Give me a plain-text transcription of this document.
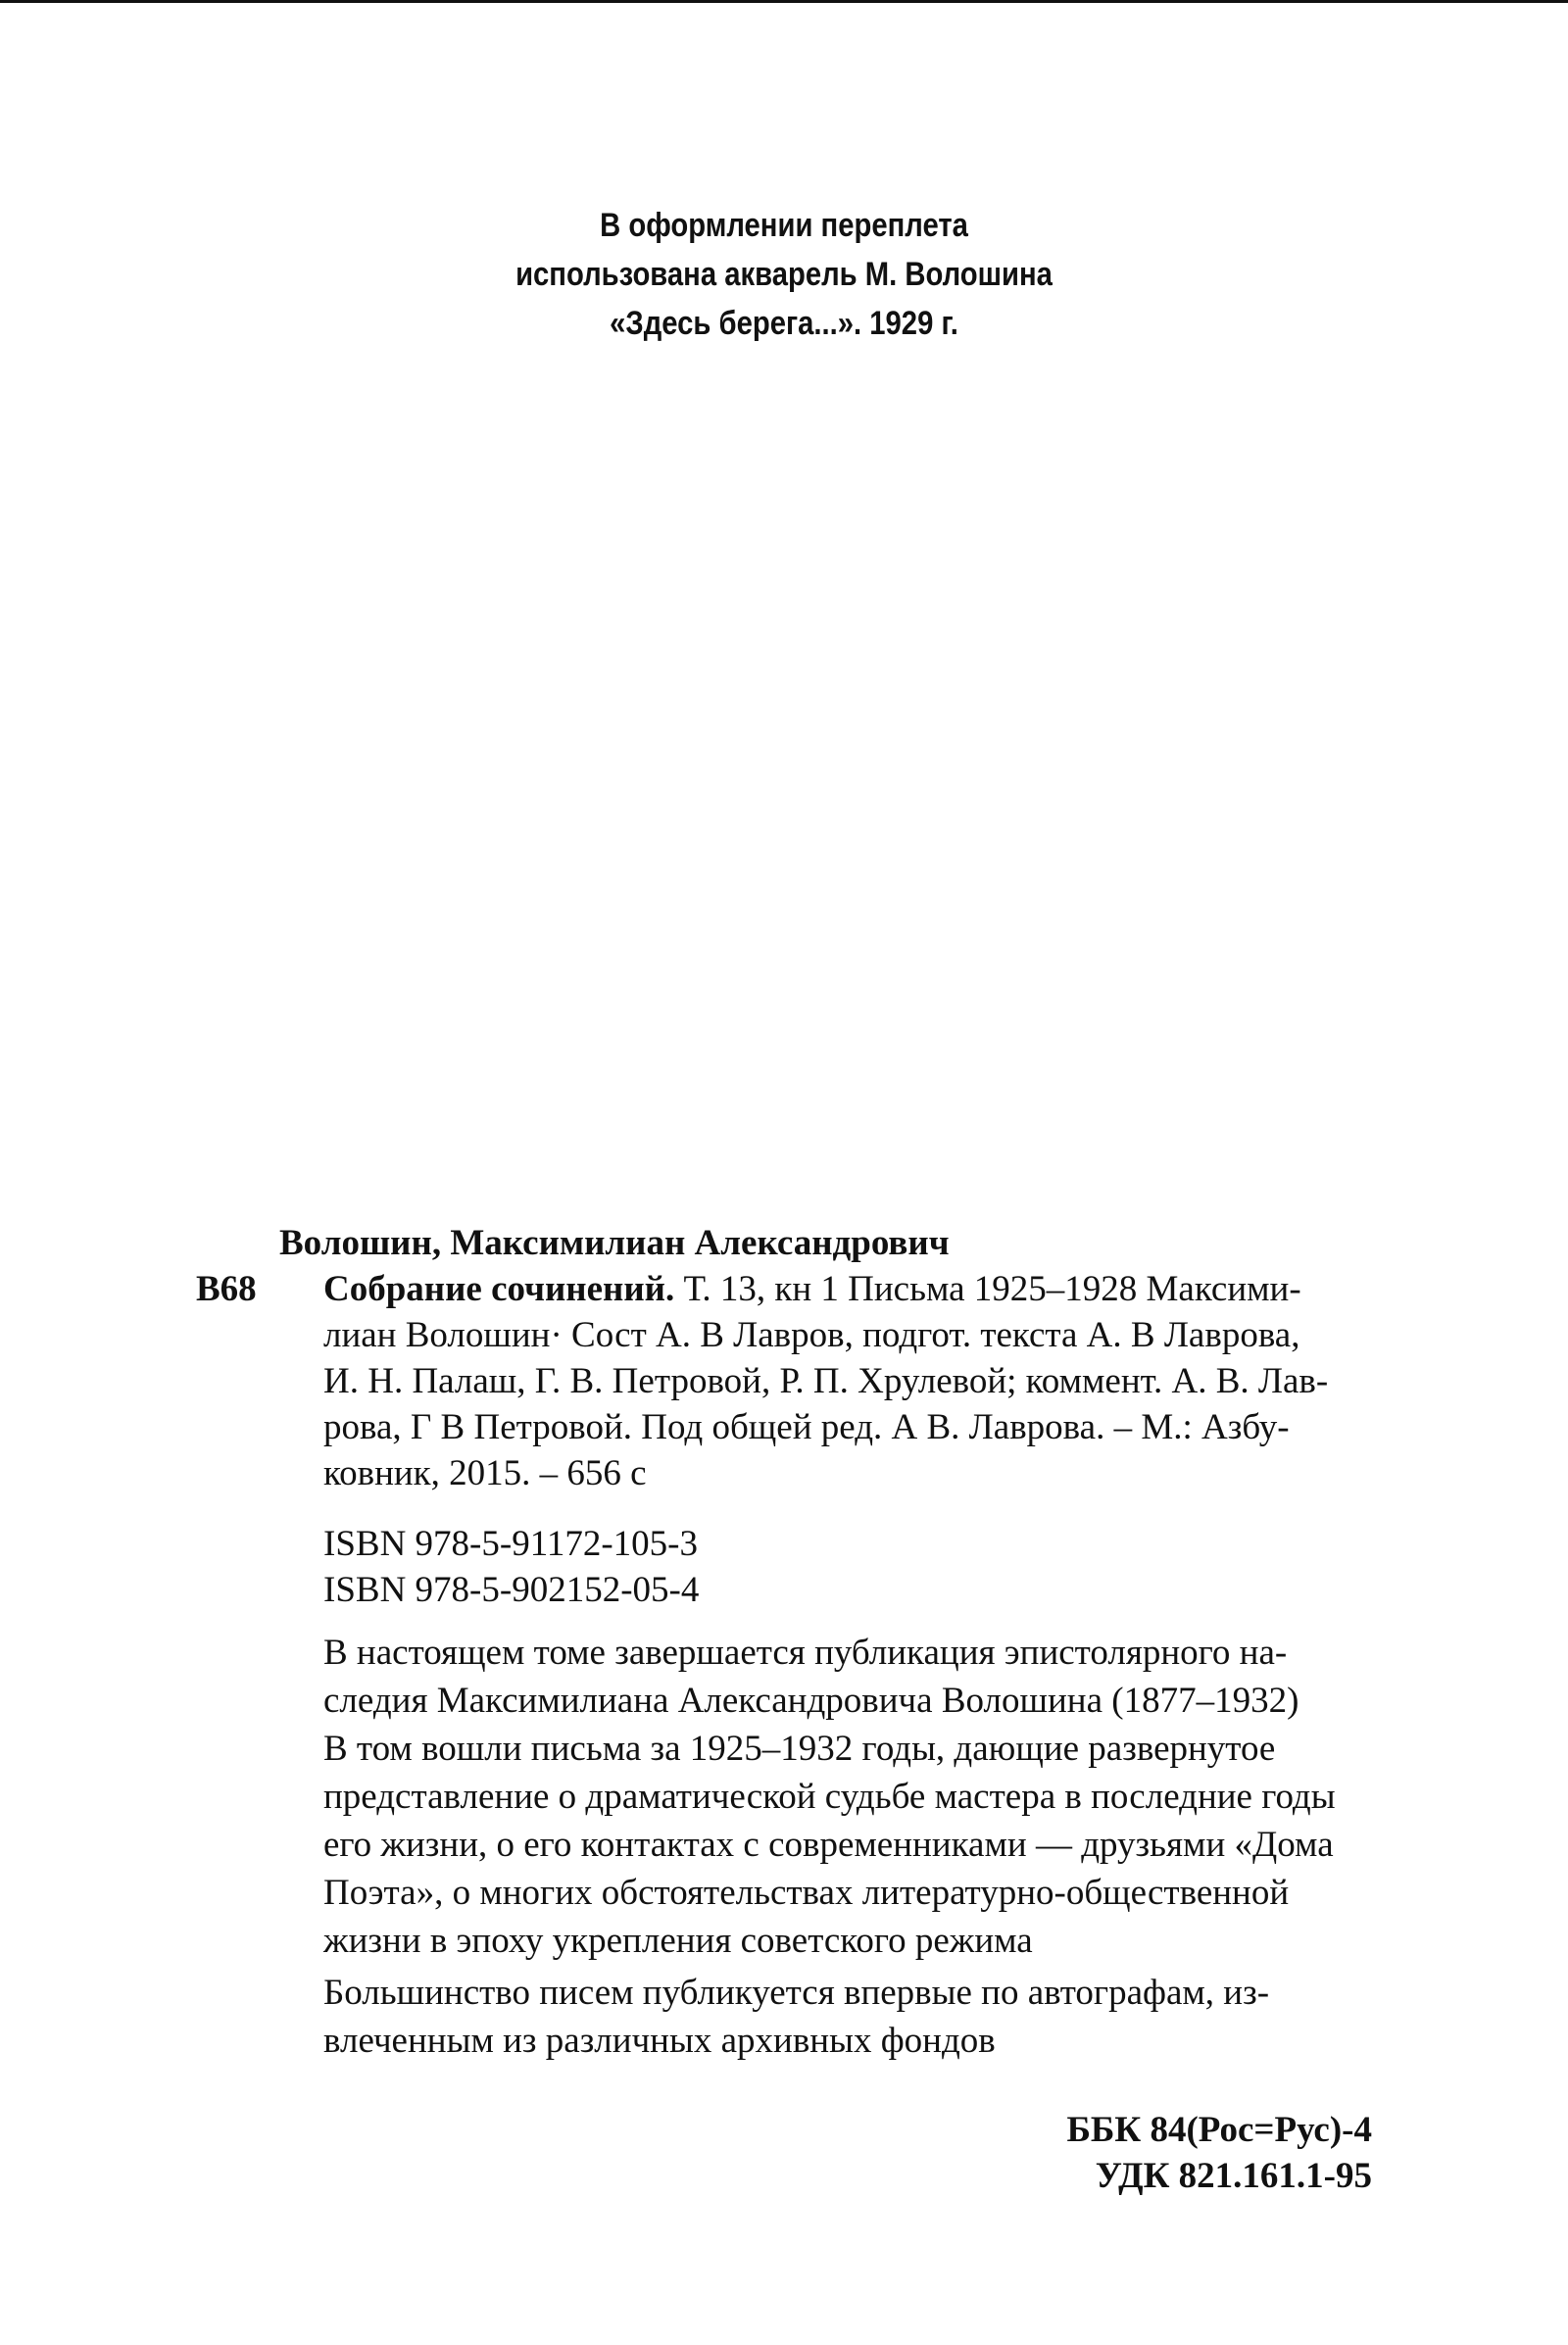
В оформлении переплета
использована акварель М. Волошина
«Здесь берега...». 1929 г.
Волошин, Максимилиан Александрович
В68 Собрание сочинений. Т. 13, кн 1 Письма 1925–1928 Максими-
лиан Волошин· Сост А. В Лавров, подгот. текста А. В Лаврова,
И. Н. Палаш, Г. В. Петровой, Р. П. Хрулевой; коммент. А. В. Лав-
рова, Г В Петровой. Под общей ред. А В. Лаврова. – М.: Азбу-
ковник, 2015. – 656 с
ISBN 978-5-91172-105-3
ISBN 978-5-902152-05-4
В настоящем томе завершается публикация эпистолярного на-
следия Максимилиана Александровича Волошина (1877–1932)
В том вошли письма за 1925–1932 годы, дающие развернутое
представление о драматической судьбе мастера в последние годы
его жизни, о его контактах с современниками — друзьями «Дома
Поэта», о многих обстоятельствах литературно-общественной
жизни в эпоху укрепления советского режима
Большинство писем публикуется впервые по автографам, из-
влеченным из различных архивных фондов
ББК 84(Рос=Рус)-4
УДК 821.161.1-95
